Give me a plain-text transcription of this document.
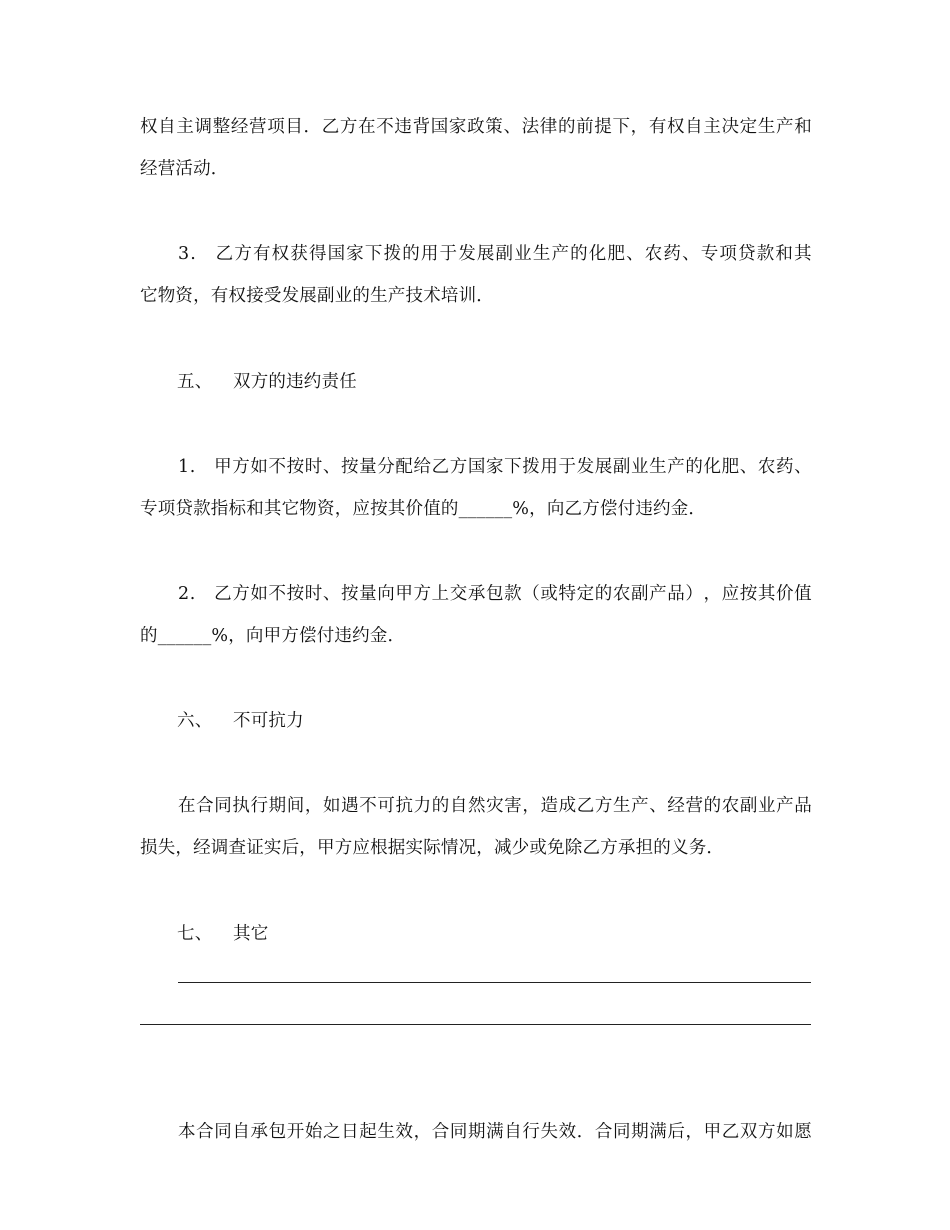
权 自 主 调 整 经 营 项 目 ． 乙 方 在 不 违 背 国 家 政 策 、 法 律 的 前 提 下 ， 有 权 自 主 决 定 生 产 和
经营活动．
3 .
　 乙 方 有 权 获 得 国 家 下 拨 的 用 于 发 展 副 业 生 产 的 化 肥 、 农 药 、 专 项 贷 款 和 其
它物资，有权接受发展副业的生产技术培训．
五、 双方的违约责任
1 .
　 甲 方 如 不 按 时 、 按 量 分 配 给 乙 方 国 家 下 拨 用 于 发 展 副 业 生 产 的 化 肥 、 农 药 、
专项贷款指标和其它物资，应按其价值的______%，向乙方偿付违约金．
2 .
　 乙 方 如 不 按 时 、 按 量 向 甲 方 上 交 承 包 款 （ 或 特 定 的 农 副 产 品 ） ， 应 按 其 价 值
的______%，向甲方偿付违约金．
六、 不可抗力
在 合 同 执 行 期 间 ， 如 遇 不 可 抗 力 的 自 然 灾 害 ， 造 成 乙 方 生 产 、 经 营 的 农 副 业 产 品
损失，经调查证实后，甲方应根据实际情况，减少或免除乙方承担的义务．
七、 其它
本 合 同 自 承 包 开 始 之 日 起 生 效 ， 合 同 期 满 自 行 失 效 ． 合 同 期 满 后 ， 甲 乙 双 方 如 愿
